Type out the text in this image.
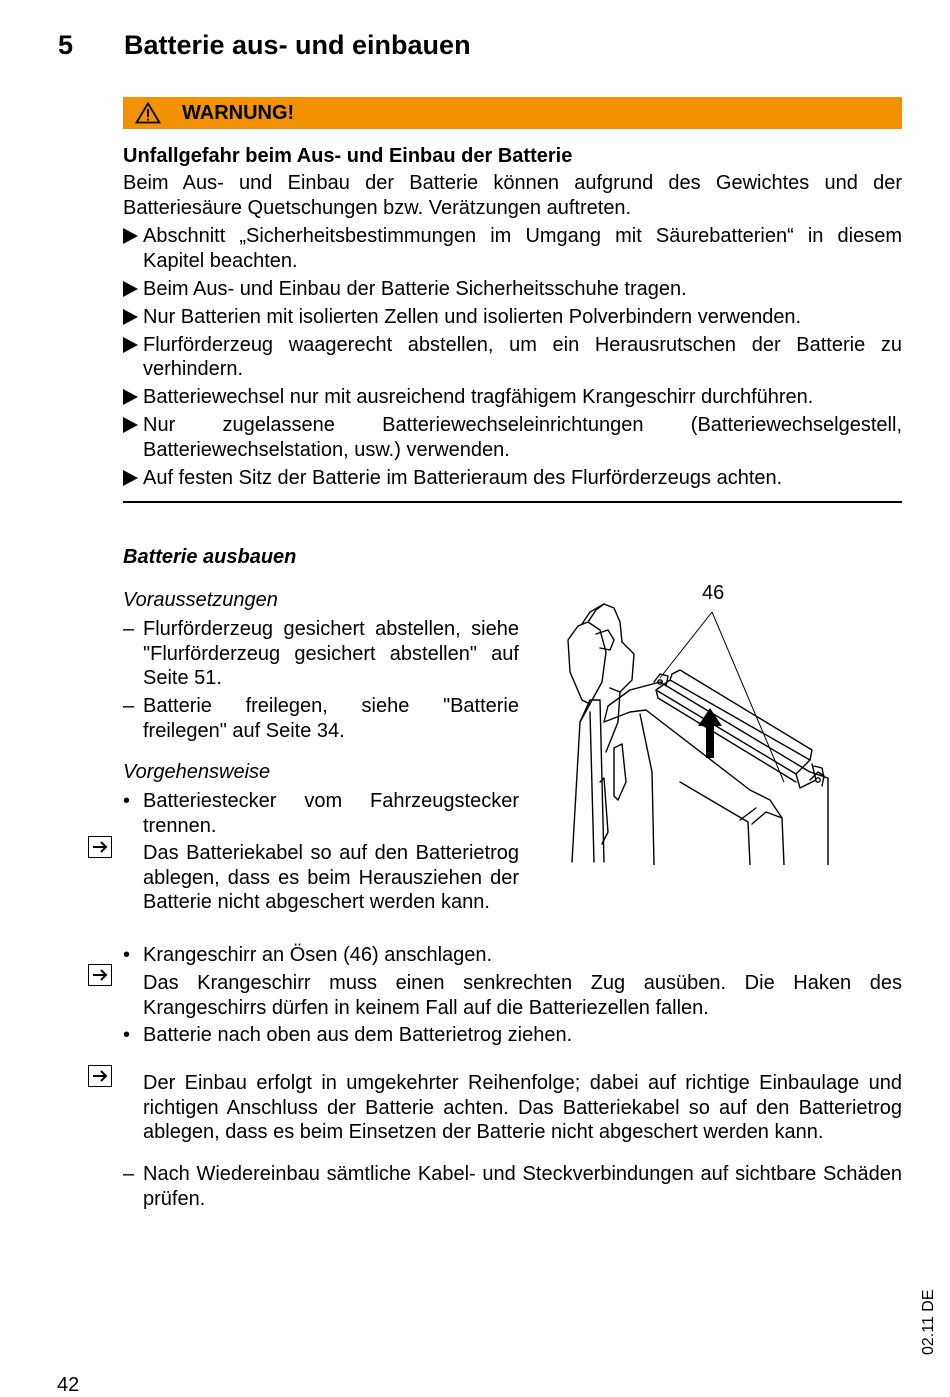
5 Batterie aus- und einbauen
WARNUNG!
Unfallgefahr beim Aus- und Einbau der Batterie
Beim Aus- und Einbau der Batterie können aufgrund des Gewichtes und der Batteriesäure Quetschungen bzw. Verätzungen auftreten.
Abschnitt „Sicherheitsbestimmungen im Umgang mit Säurebatterien“ in diesem Kapitel beachten.
Beim Aus- und Einbau der Batterie Sicherheitsschuhe tragen.
Nur Batterien mit isolierten Zellen und isolierten Polverbindern verwenden.
Flurförderzeug waagerecht abstellen, um ein Herausrutschen der Batterie zu verhindern.
Batteriewechsel nur mit ausreichend tragfähigem Krangeschirr durchführen.
Nur zugelassene Batteriewechseleinrichtungen (Batteriewechselgestell, Batteriewechselstation, usw.) verwenden.
Auf festen Sitz der Batterie im Batterieraum des Flurförderzeugs achten.
Batterie ausbauen
Voraussetzungen
– Flurförderzeug gesichert abstellen, siehe "Flurförderzeug gesichert abstellen" auf Seite 51.
– Batterie freilegen, siehe "Batterie freilegen" auf Seite 34.
Vorgehensweise
• Batteriestecker vom Fahrzeugstecker trennen.
Das Batteriekabel so auf den Batterietrog ablegen, dass es beim Herausziehen der Batterie nicht abgeschert werden kann.
• Krangeschirr an Ösen (46) anschlagen.
Das Krangeschirr muss einen senkrechten Zug ausüben. Die Haken des Krangeschirrs dürfen in keinem Fall auf die Batteriezellen fallen.
• Batterie nach oben aus dem Batterietrog ziehen.
Der Einbau erfolgt in umgekehrter Reihenfolge; dabei auf richtige Einbaulage und richtigen Anschluss der Batterie achten. Das Batteriekabel so auf den Batterietrog ablegen, dass es beim Einsetzen der Batterie nicht abgeschert werden kann.
– Nach Wiedereinbau sämtliche Kabel- und Steckverbindungen auf sichtbare Schäden prüfen.
46
02.11 DE
42
